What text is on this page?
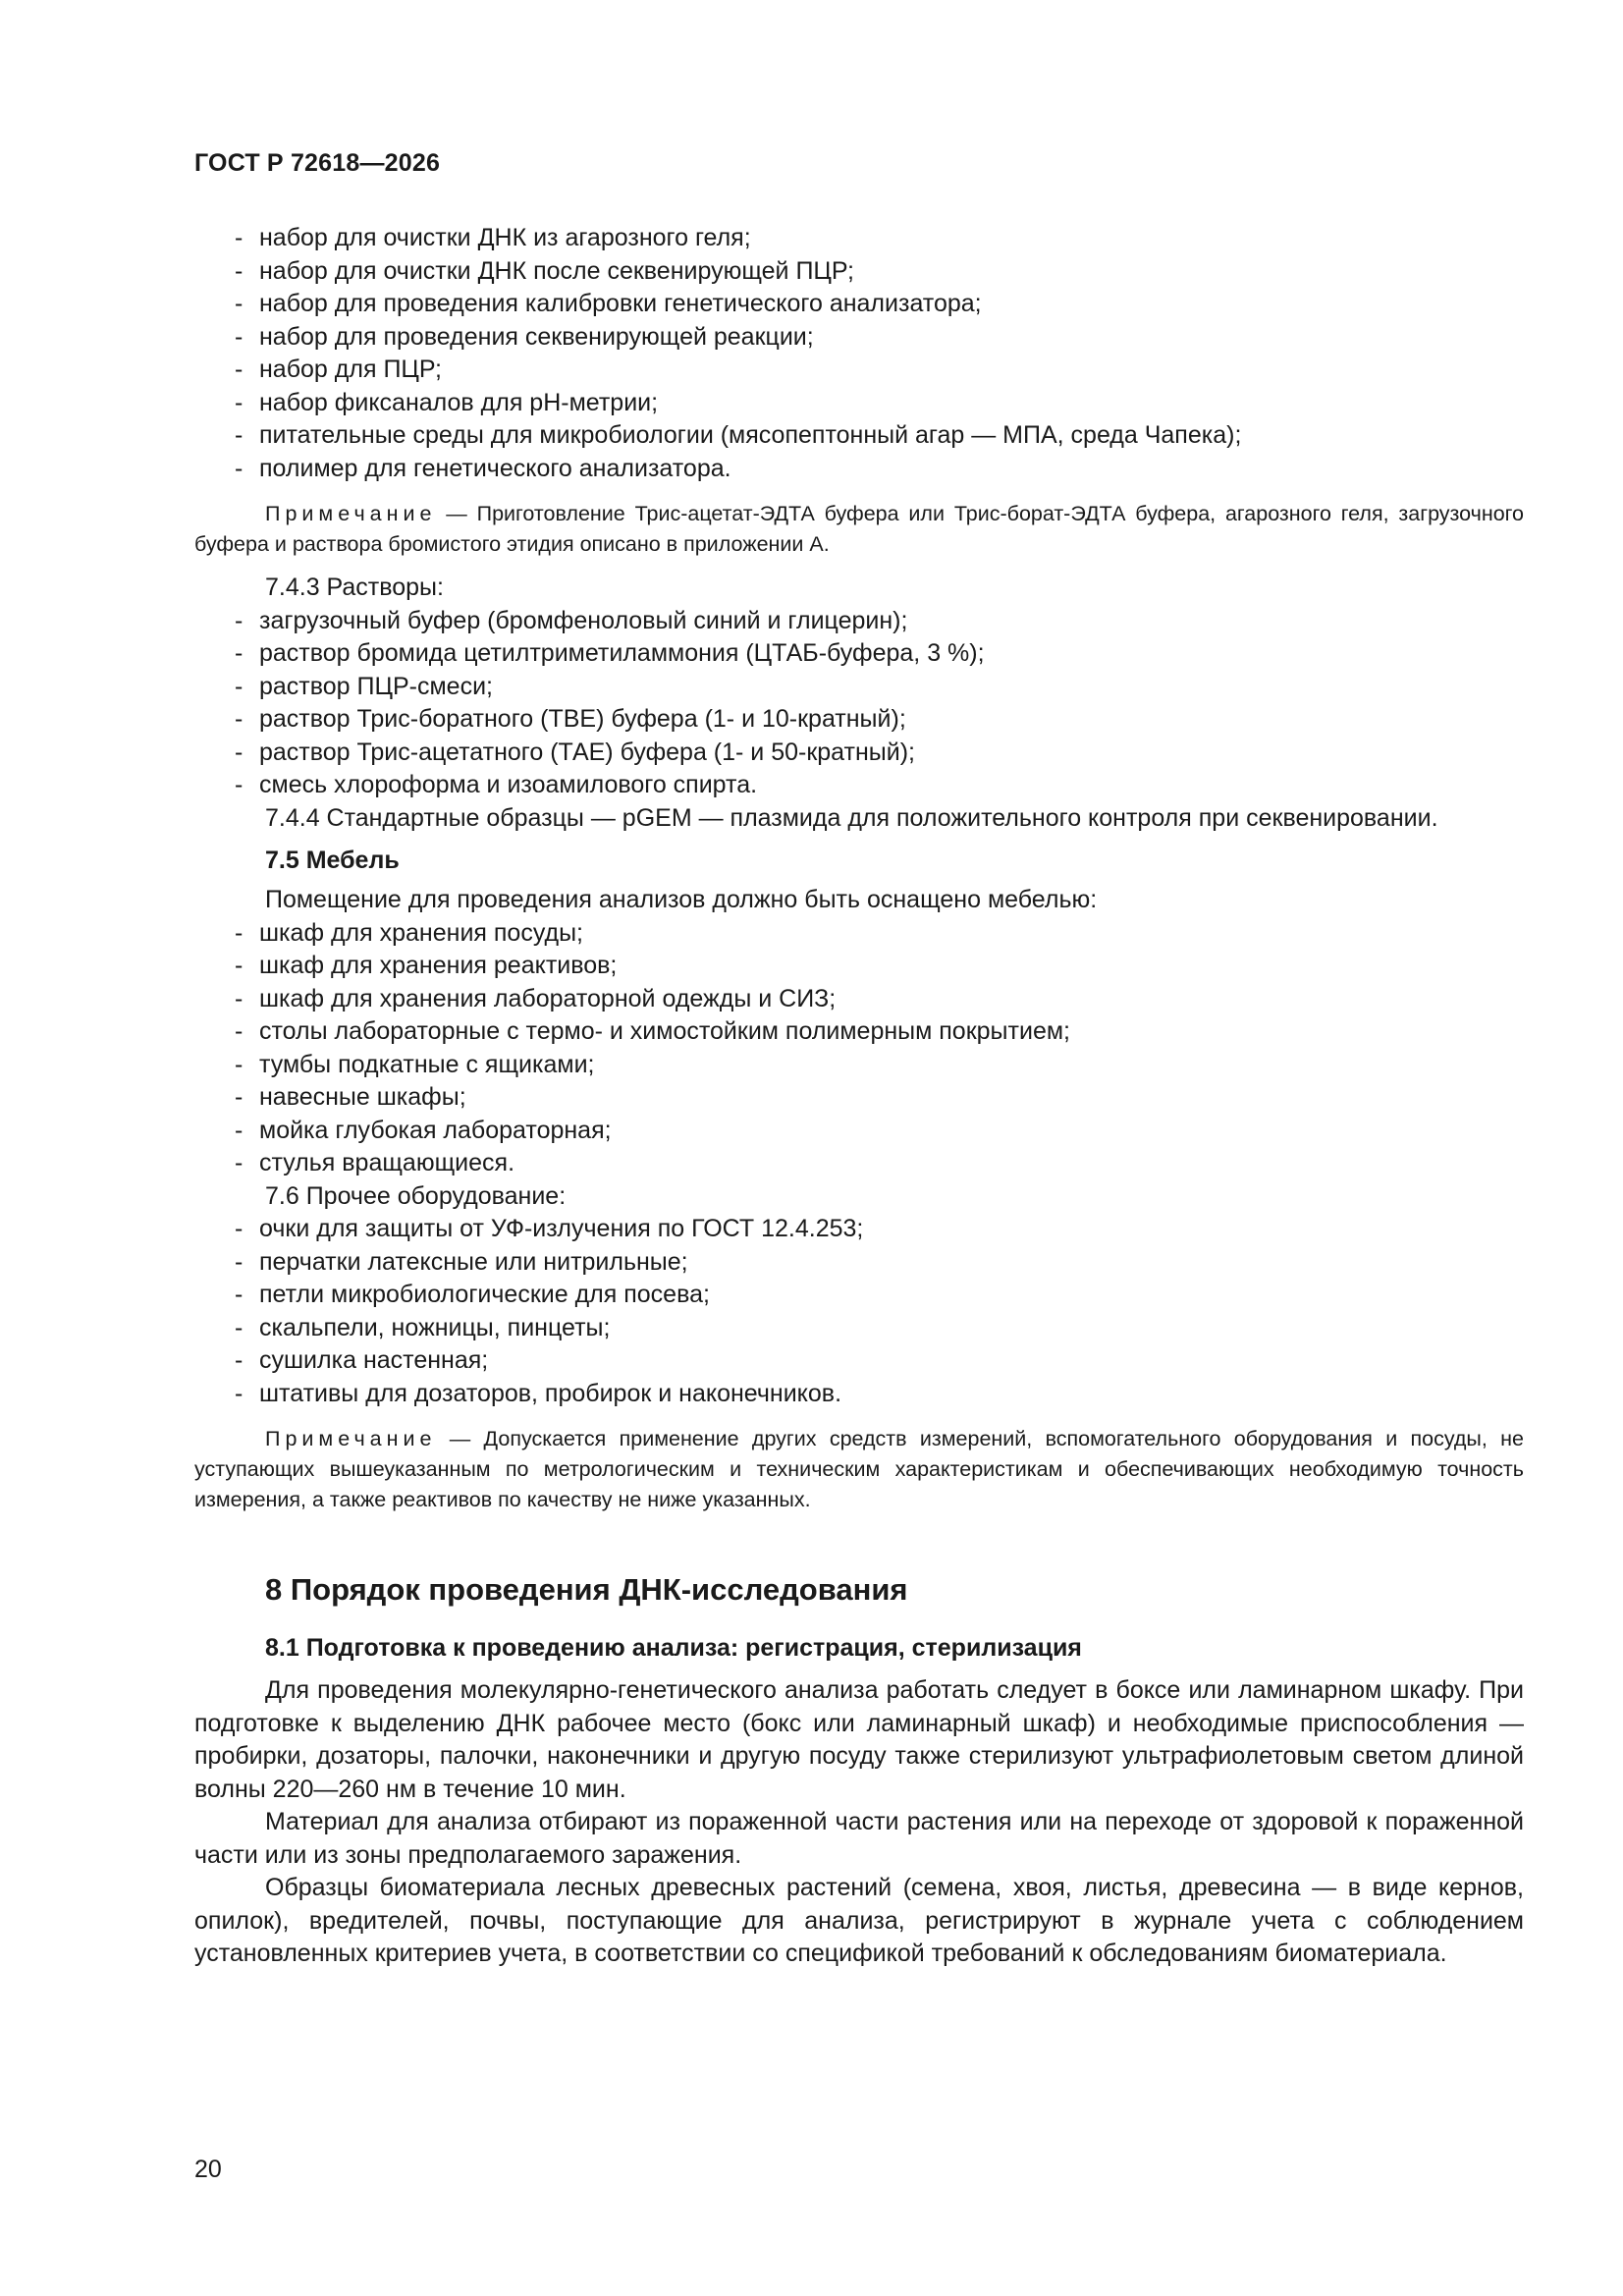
ГОСТ Р 72618—2026
- набор для очистки ДНК из агарозного геля;
- набор для очистки ДНК после секвенирующей ПЦР;
- набор для проведения калибровки генетического анализатора;
- набор для проведения секвенирующей реакции;
- набор для ПЦР;
- набор фиксаналов для рН-метрии;
- питательные среды для микробиологии (мясопептонный агар — МПА, среда Чапека);
- полимер для генетического анализатора.
Примечание — Приготовление Трис-ацетат-ЭДТА буфера или Трис-борат-ЭДТА буфера, агарозного геля, загрузочного буфера и раствора бромистого этидия описано в приложении А.
7.4.3 Растворы:
- загрузочный буфер (бромфеноловый синий и глицерин);
- раствор бромида цетилтриметиламмония (ЦТАБ-буфера, 3 %);
- раствор ПЦР-смеси;
- раствор Трис-боратного (ТВЕ) буфера (1- и 10-кратный);
- раствор Трис-ацетатного (ТАЕ) буфера (1- и 50-кратный);
- смесь хлороформа и изоамилового спирта.
7.4.4 Стандартные образцы — pGEM — плазмида для положительного контроля при секвенировании.
7.5 Мебель
Помещение для проведения анализов должно быть оснащено мебелью:
- шкаф для хранения посуды;
- шкаф для хранения реактивов;
- шкаф для хранения лабораторной одежды и СИЗ;
- столы лабораторные с термо- и химостойким полимерным покрытием;
- тумбы подкатные с ящиками;
- навесные шкафы;
- мойка глубокая лабораторная;
- стулья вращающиеся.
7.6 Прочее оборудование:
- очки для защиты от УФ-излучения по ГОСТ 12.4.253;
- перчатки латексные или нитрильные;
- петли микробиологические для посева;
- скальпели, ножницы, пинцеты;
- сушилка настенная;
- штативы для дозаторов, пробирок и наконечников.
Примечание — Допускается применение других средств измерений, вспомогательного оборудования и посуды, не уступающих вышеуказанным по метрологическим и техническим характеристикам и обеспечивающих необходимую точность измерения, а также реактивов по качеству не ниже указанных.
8 Порядок проведения ДНК-исследования
8.1 Подготовка к проведению анализа: регистрация, стерилизация
Для проведения молекулярно-генетического анализа работать следует в боксе или ламинарном шкафу. При подготовке к выделению ДНК рабочее место (бокс или ламинарный шкаф) и необходимые приспособления — пробирки, дозаторы, палочки, наконечники и другую посуду также стерилизуют ультрафиолетовым светом длиной волны 220—260 нм в течение 10 мин.
Материал для анализа отбирают из пораженной части растения или на переходе от здоровой к пораженной части или из зоны предполагаемого заражения.
Образцы биоматериала лесных древесных растений (семена, хвоя, листья, древесина — в виде кернов, опилок), вредителей, почвы, поступающие для анализа, регистрируют в журнале учета с соблюдением установленных критериев учета, в соответствии со спецификой требований к обследованиям биоматериала.
20
